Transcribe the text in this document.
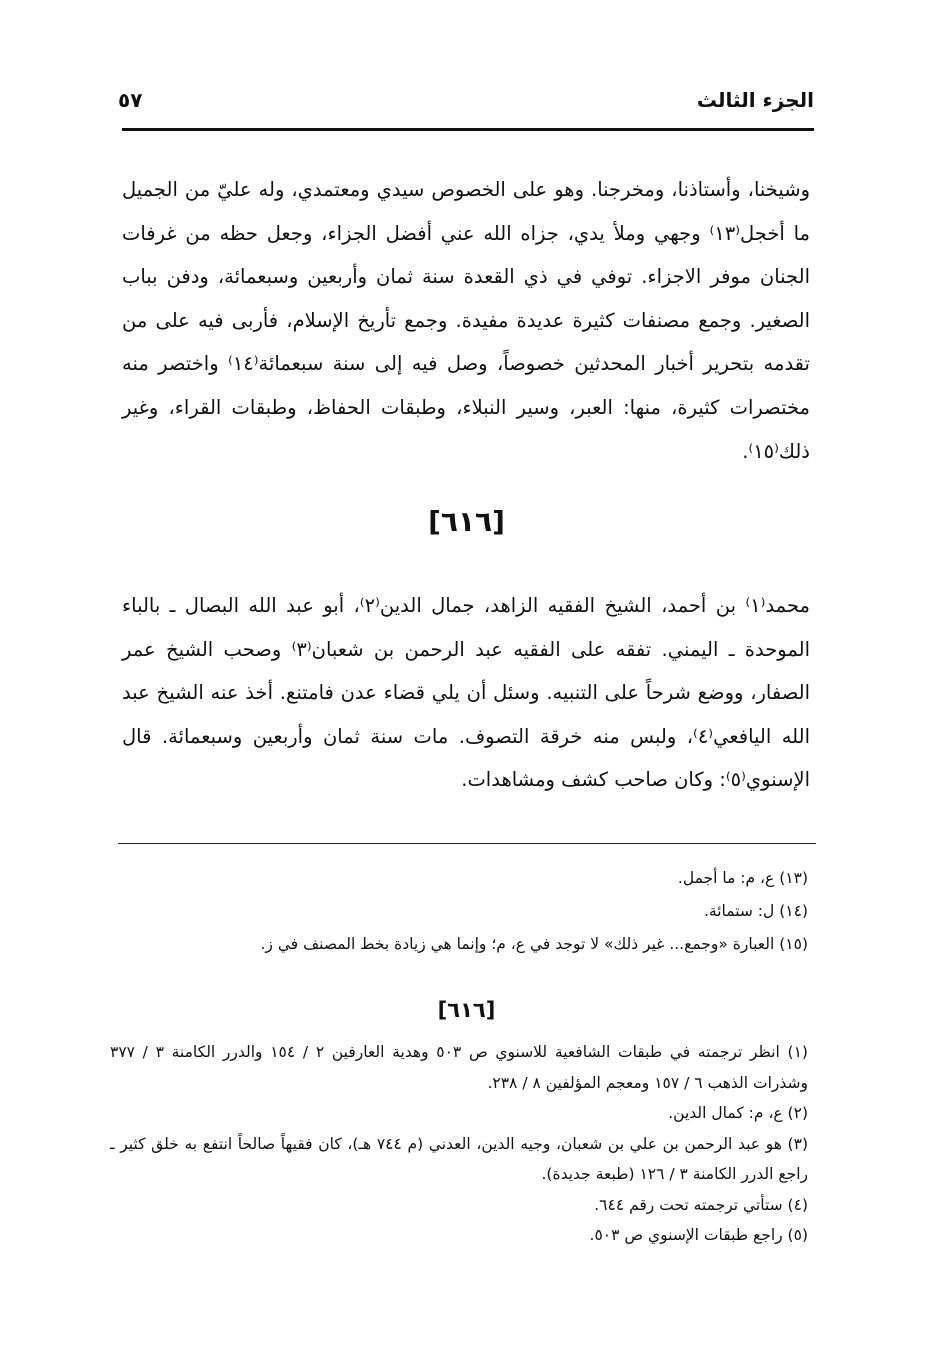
الجزء الثالث
٥٧

وشيخنا، وأستاذنا، ومخرجنا. وهو على الخصوص سيدي ومعتمدي، وله عليّ من الجميل ما أخجل⁽١٣⁾ وجهي وملأ يدي، جزاه الله عني أفضل الجزاء، وجعل حظه من غرفات الجنان موفر الاجزاء. توفي في ذي القعدة سنة ثمان وأربعين وسبعمائة، ودفن بباب الصغير. وجمع مصنفات كثيرة عديدة مفيدة. وجمع تأريخ الإسلام، فأربى فيه على من تقدمه بتحرير أخبار المحدثين خصوصاً، وصل فيه إلى سنة سبعمائة⁽١٤⁾ واختصر منه مختصرات كثيرة، منها: العبر، وسير النبلاء، وطبقات الحفاظ، وطبقات القراء، وغير ذلك⁽١٥⁾.

[٦١٦]

محمد⁽١⁾ بن أحمد، الشيخ الفقيه الزاهد، جمال الدين⁽٢⁾، أبو عبد الله البصال ـ بالباء الموحدة ـ اليمني. تفقه على الفقيه عبد الرحمن بن شعبان⁽٣⁾ وصحب الشيخ عمر الصفار، ووضع شرحاً على التنبيه. وسئل أن يلي قضاء عدن فامتنع. أخذ عنه الشيخ عبد الله اليافعي⁽٤⁾، ولبس منه خرقة التصوف. مات سنة ثمان وأربعين وسبعمائة. قال الإسنوي⁽٥⁾: وكان صاحب كشف ومشاهدات.

(١٣) ع، م: ما أجمل.

(١٤) ل: ستمائة.

(١٥) العبارة «وجمع... غير ذلك» لا توجد في ع، م؛ وإنما هي زيادة بخط المصنف في ز.

[٦١٦]

(١) انظر ترجمته في طبقات الشافعية للاسنوي ص ٥٠٣ وهدية العارفين ٢ / ١٥٤ والدرر الكامنة ٣ / ٣٧٧ وشذرات الذهب ٦ / ١٥٧ ومعجم المؤلفين ٨ / ٢٣٨.

(٢) ع، م: كمال الدين.

(٣) هو عبد الرحمن بن علي بن شعبان، وجيه الدين، العدني (م ٧٤٤ هـ)، كان فقيهاً صالحاً انتفع به خلق كثير ـ راجع الدرر الكامنة ٣ / ١٢٦ (طبعة جديدة).

(٤) ستأتي ترجمته تحت رقم ٦٤٤.

(٥) راجع طبقات الإسنوي ص ٥٠٣.
